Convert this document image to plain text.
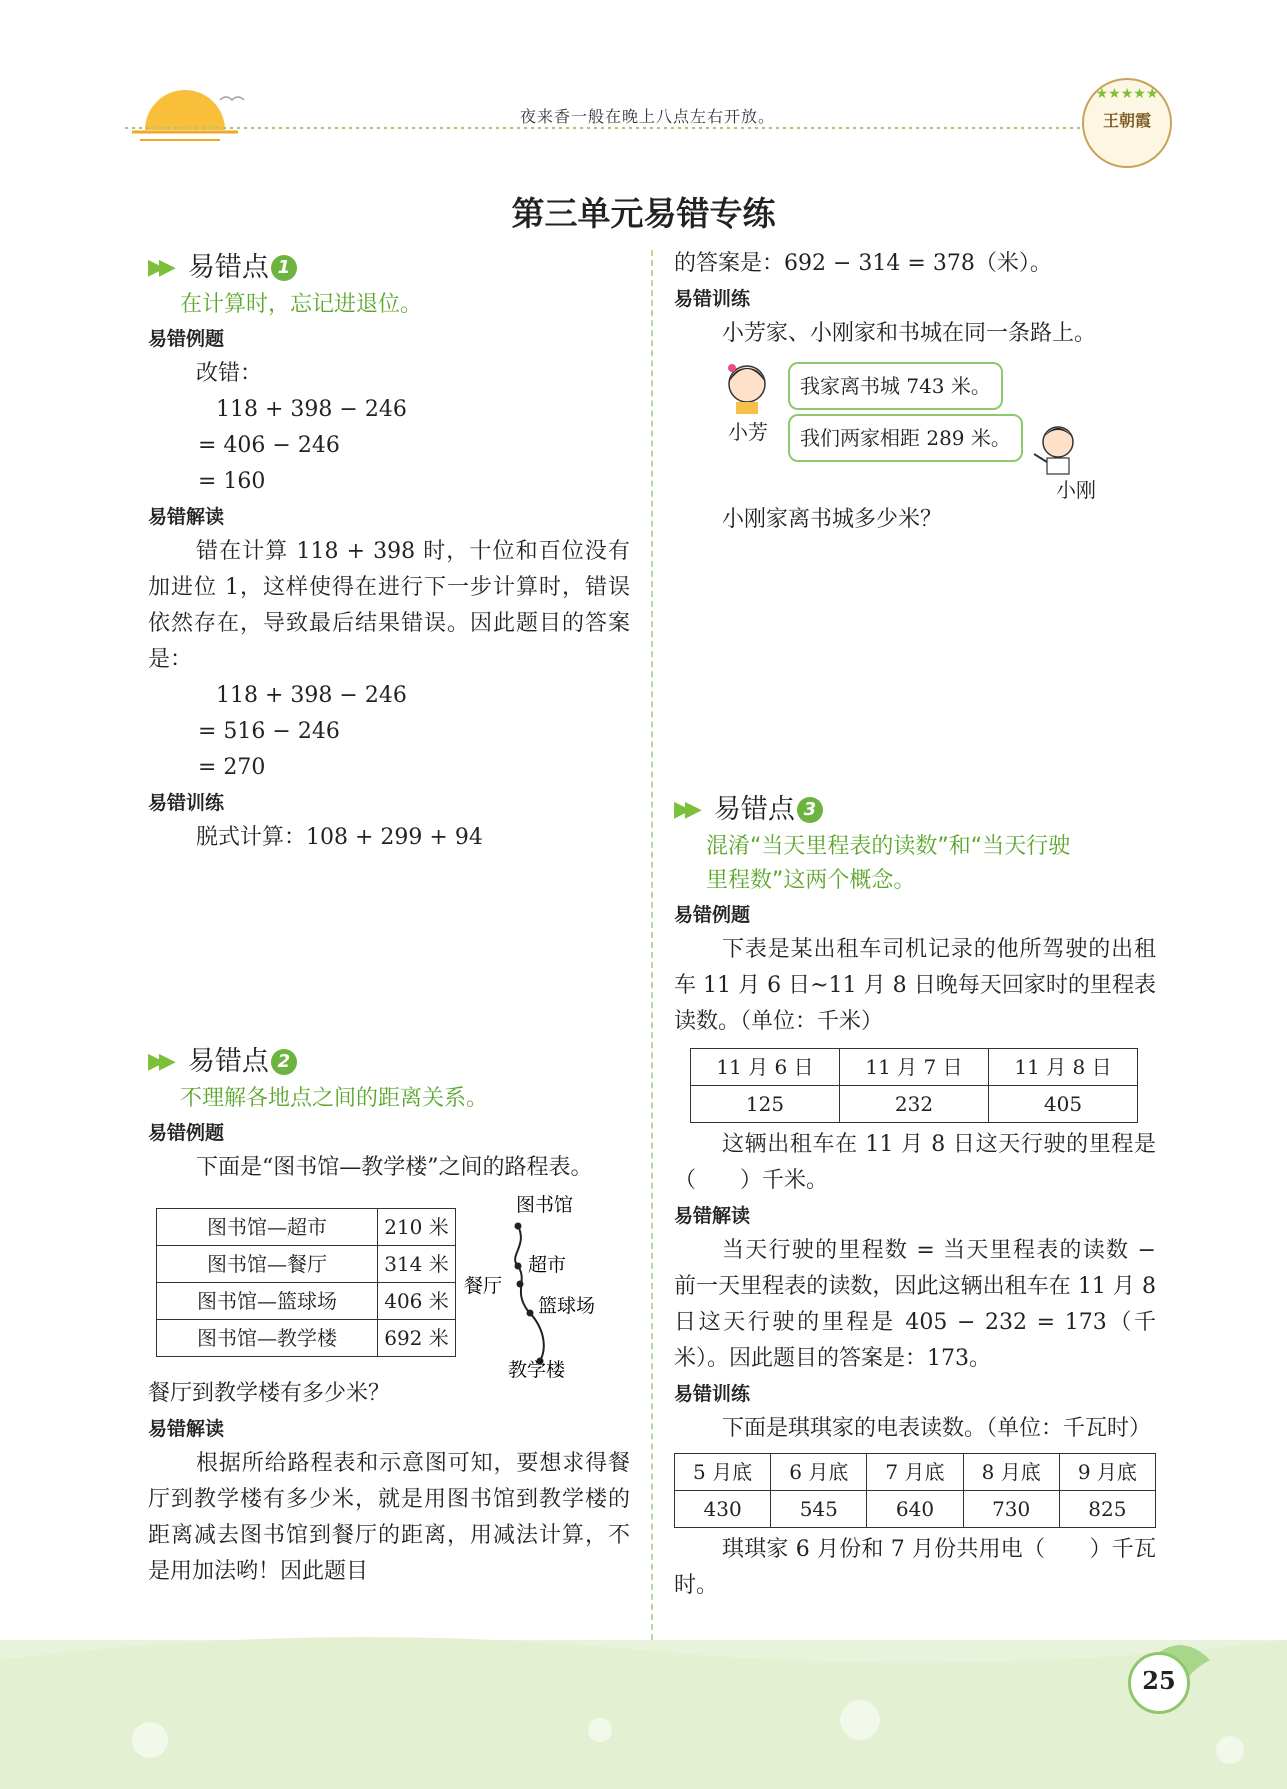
夜来香一般在晚上八点左右开放。
★★★★★
王朝霞
第三单元易错专练
▶▶ 易错点 1
在计算时，忘记进退位。
易错例题
改错：
118 + 398 − 246
= 406 − 246
= 160
易错解读
错在计算 118 + 398 时，十位和百位没有加进位 1，这样使得在进行下一步计算时，错误依然存在，导致最后结果错误。因此题目的答案是：
118 + 398 − 246
= 516 − 246
= 270
易错训练
脱式计算：108 + 299 + 94
▶▶ 易错点 2
不理解各地点之间的距离关系。
易错例题
下面是“图书馆—教学楼”之间的路程表。
图书馆—超市	210 米
图书馆—餐厅	314 米
图书馆—篮球场	406 米
图书馆—教学楼	692 米
图书馆
超市
餐厅
篮球场
教学楼
餐厅到教学楼有多少米？
易错解读
根据所给路程表和示意图可知，要想求得餐厅到教学楼有多少米，就是用图书馆到教学楼的距离减去图书馆到餐厅的距离，用减法计算，不是用加法哟！因此题目
的答案是：692 − 314 = 378（米）。
易错训练
小芳家、小刚家和书城在同一条路上。
小芳
我家离书城 743 米。
我们两家相距 289 米。
小刚
小刚家离书城多少米？
▶▶ 易错点 3
混淆“当天里程表的读数”和“当天行驶
里程数”这两个概念。
易错例题
下表是某出租车司机记录的他所驾驶的出租车 11 月 6 日~11 月 8 日晚每天回家时的里程表读数。（单位：千米）
11 月 6 日	11 月 7 日	11 月 8 日
125	232	405
这辆出租车在 11 月 8 日这天行驶的里程是（　　）千米。
易错解读
当天行驶的里程数 = 当天里程表的读数 − 前一天里程表的读数，因此这辆出租车在 11 月 8 日这天行驶的里程是 405 − 232 = 173（千米）。因此题目的答案是：173。
易错训练
下面是琪琪家的电表读数。（单位：千瓦时）
5 月底	6 月底	7 月底	8 月底	9 月底
430	545	640	730	825
琪琪家 6 月份和 7 月份共用电（　　）千瓦时。
25
